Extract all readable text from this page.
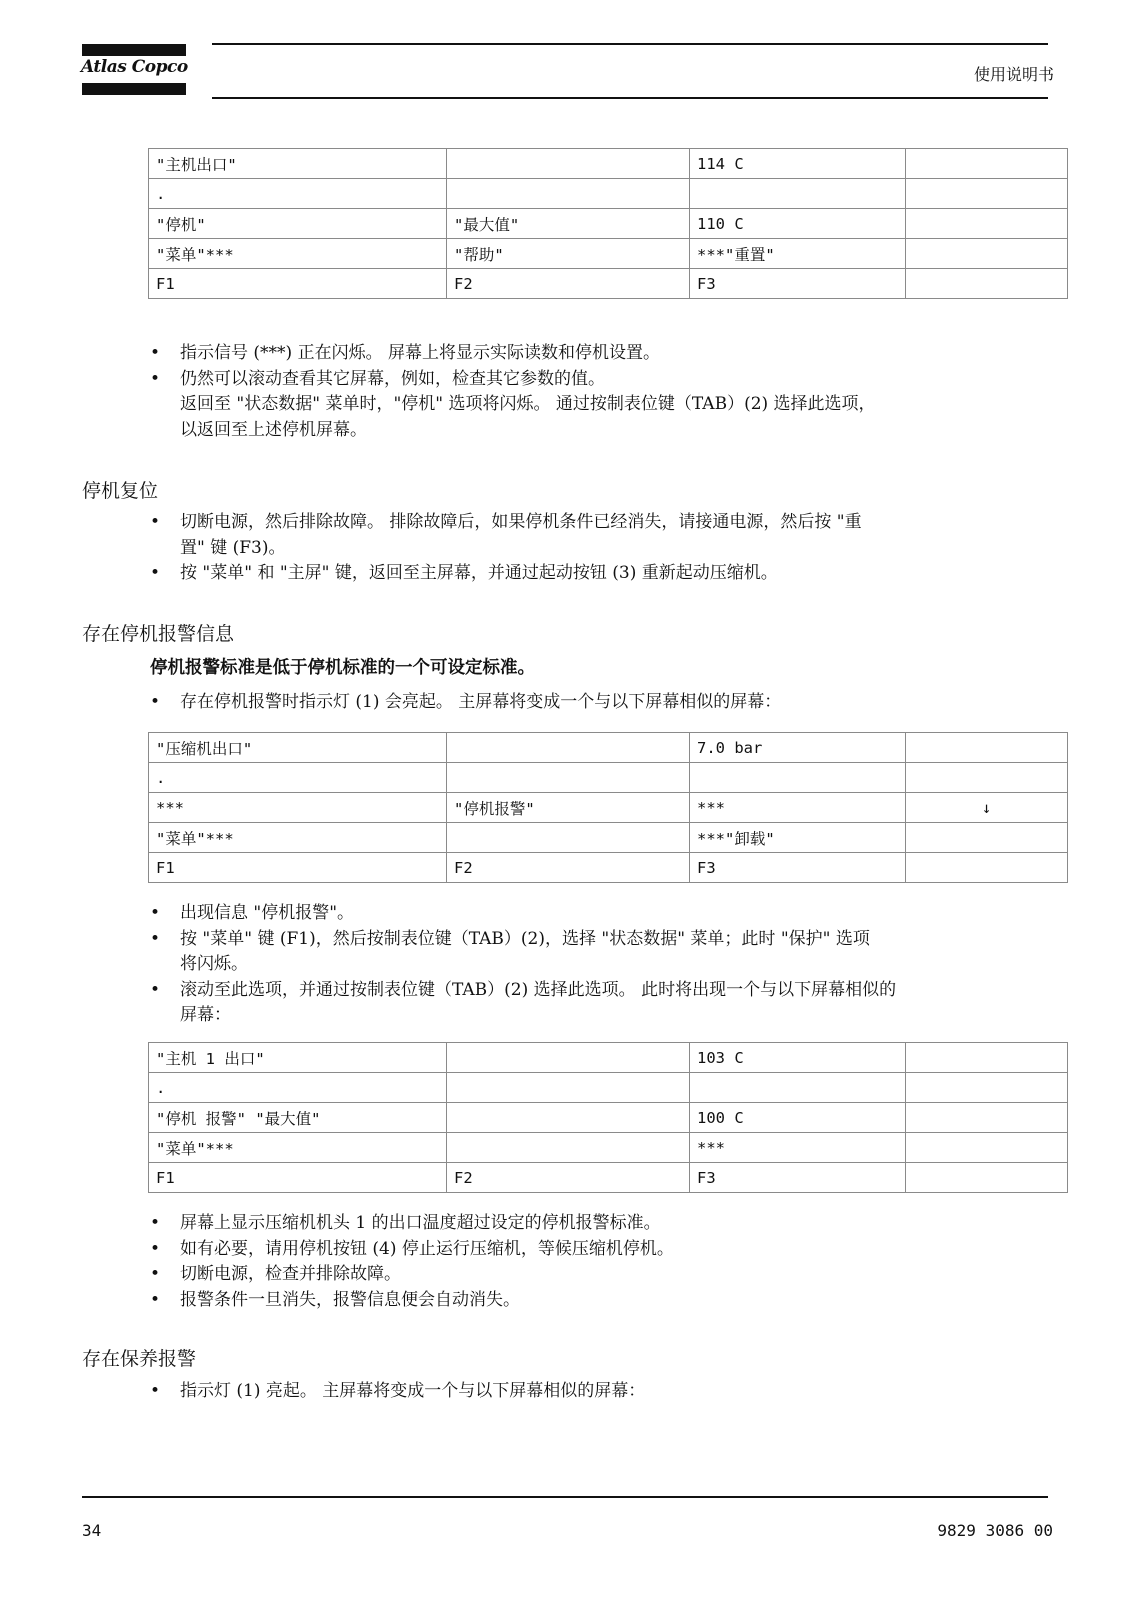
Atlas Copco	使用说明书
"主机出口"		114 C	
.			
"停机"	"最大值"	110 C	
"菜单"***	"帮助"	***"重置"	
F1	F2	F3	
• 指示信号 (***) 正在闪烁。 屏幕上将显示实际读数和停机设置。
• 仍然可以滚动查看其它屏幕，例如，检查其它参数的值。
返回至 "状态数据" 菜单时，"停机" 选项将闪烁。 通过按制表位键（TAB）(2) 选择此选项，
以返回至上述停机屏幕。
停机复位
• 切断电源，然后排除故障。 排除故障后，如果停机条件已经消失，请接通电源，然后按 "重
置" 键 (F3)。
• 按 "菜单" 和 "主屏" 键，返回至主屏幕，并通过起动按钮 (3) 重新起动压缩机。
存在停机报警信息
停机报警标准是低于停机标准的一个可设定标准。
• 存在停机报警时指示灯 (1) 会亮起。 主屏幕将变成一个与以下屏幕相似的屏幕：
"压缩机出口"		7.0 bar	
.			
***	"停机报警"	***	↓
"菜单"***		***"卸载"	
F1	F2	F3	
• 出现信息 "停机报警"。
• 按 "菜单" 键 (F1)，然后按制表位键（TAB）(2)，选择 "状态数据" 菜单；此时 "保护" 选项
将闪烁。
• 滚动至此选项，并通过按制表位键（TAB）(2) 选择此选项。 此时将出现一个与以下屏幕相似的
屏幕：
"主机 1 出口"		103 C	
.			
"停机 报警" "最大值"		100 C	
"菜单"***		***	
F1	F2	F3	
• 屏幕上显示压缩机机头 1 的出口温度超过设定的停机报警标准。
• 如有必要，请用停机按钮 (4) 停止运行压缩机，等候压缩机停机。
• 切断电源，检查并排除故障。
• 报警条件一旦消失，报警信息便会自动消失。
存在保养报警
• 指示灯 (1) 亮起。 主屏幕将变成一个与以下屏幕相似的屏幕：
34	9829 3086 00
